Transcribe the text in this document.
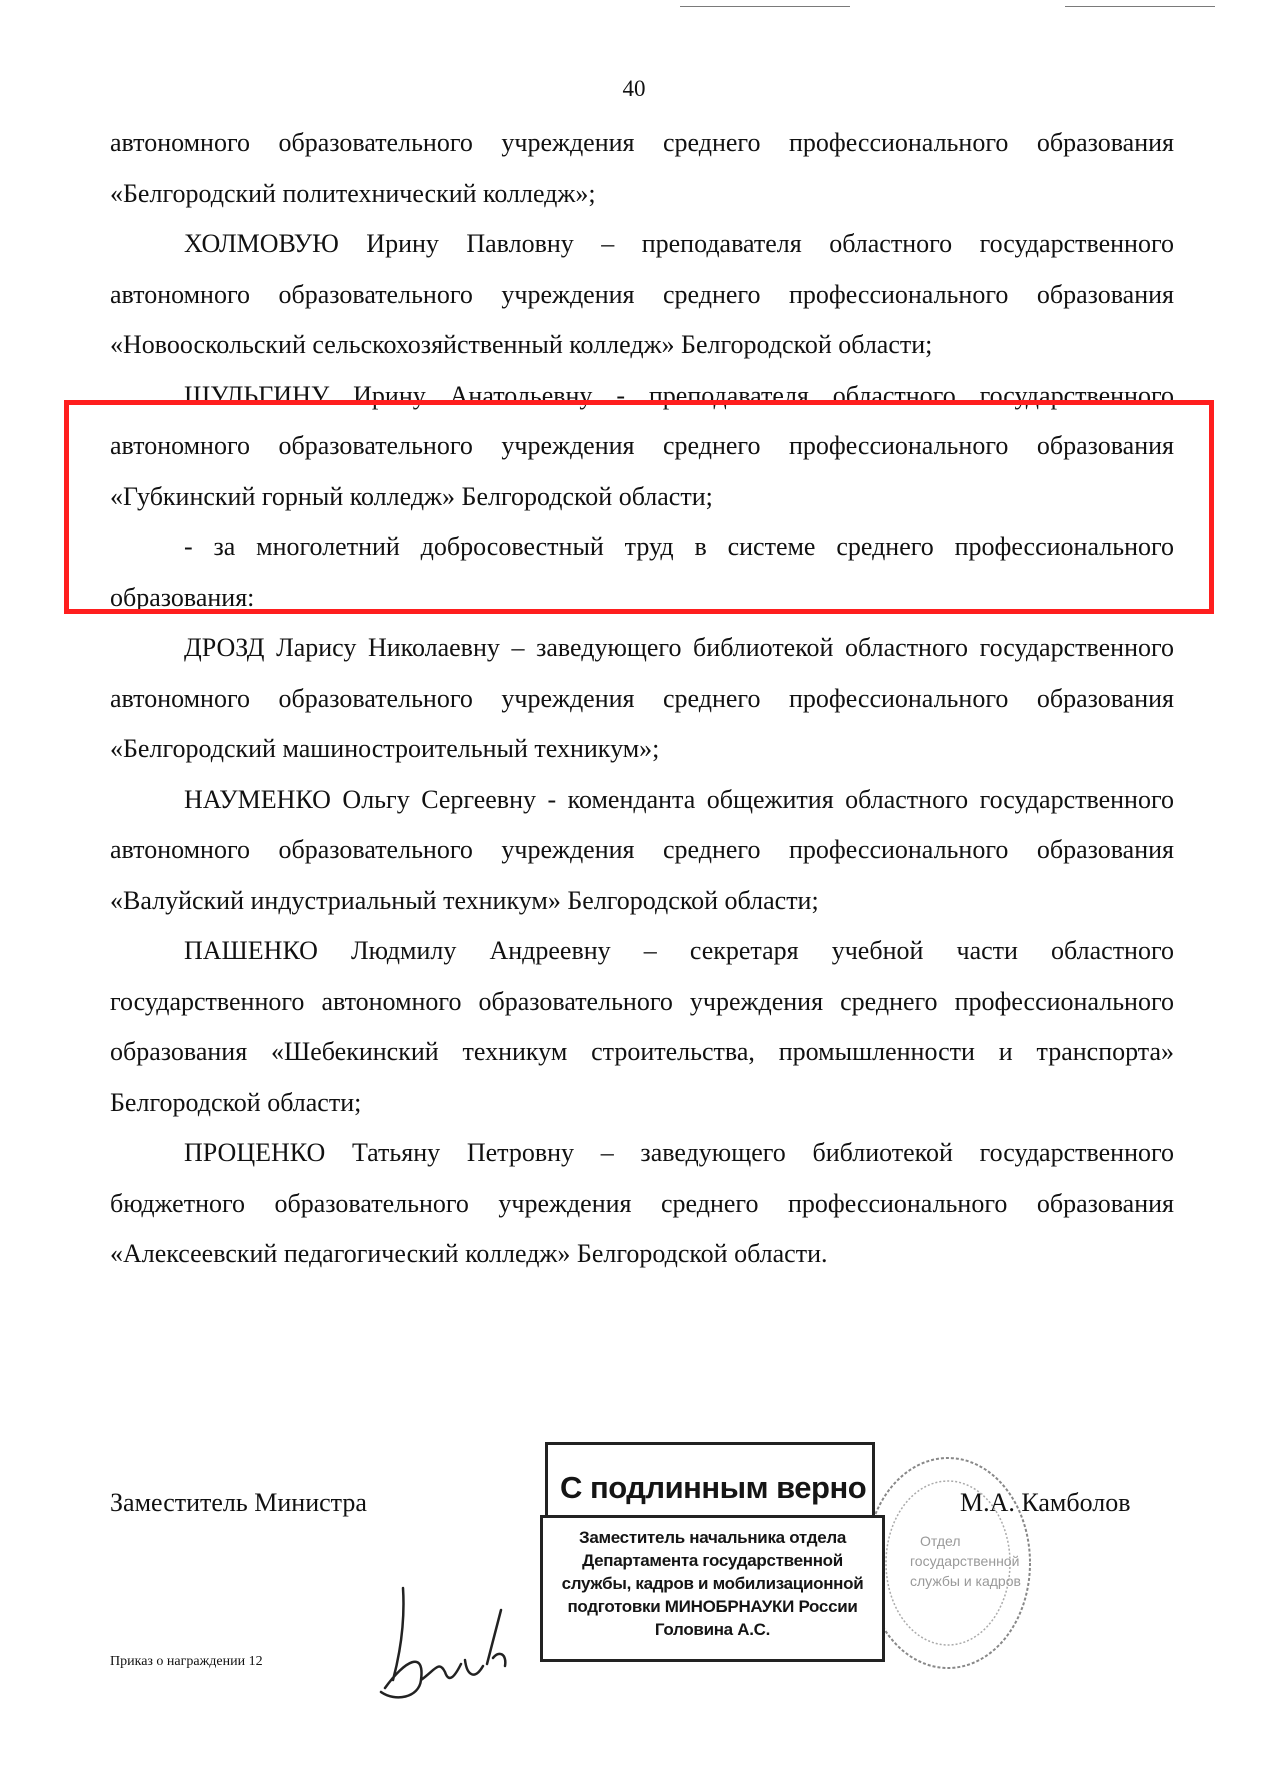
40

автономного образовательного учреждения среднего профессионального образования «Белгородский политехнический колледж»;

ХОЛМОВУЮ Ирину Павловну – преподавателя областного государственного автономного образовательного учреждения среднего профессионального образования «Новооскольский сельскохозяйственный колледж» Белгородской области;

ШУЛЬГИНУ Ирину Анатольевну - преподавателя областного государственного автономного образовательного учреждения среднего профессионального образования «Губкинский горный колледж» Белгородской области;

- за многолетний добросовестный труд в системе среднего профессионального образования:

ДРОЗД Ларису Николаевну – заведующего библиотекой областного государственного автономного образовательного учреждения среднего профессионального образования «Белгородский машиностроительный техникум»;

НАУМЕНКО Ольгу Сергеевну - коменданта общежития областного государственного автономного образовательного учреждения среднего профессионального образования «Валуйский индустриальный техникум» Белгородской области;

ПАШЕНКО Людмилу Андреевну – секретаря учебной части областного государственного автономного образовательного учреждения среднего профессионального образования «Шебекинский техникум строительства, промышленности и транспорта» Белгородской области;

ПРОЦЕНКО Татьяну Петровну – заведующего библиотекой государственного бюджетного образовательного учреждения среднего профессионального образования «Алексеевский педагогический колледж» Белгородской области.

Заместитель Министра	М.А. Камболов
Отдел
государственной
службы и кадров
С подлинным верно
Заместитель начальника отдела
Департамента государственной
службы, кадров и мобилизационной
подготовки МИНОБРНАУКИ России
Головина А.С.
Приказ о награждении 12
